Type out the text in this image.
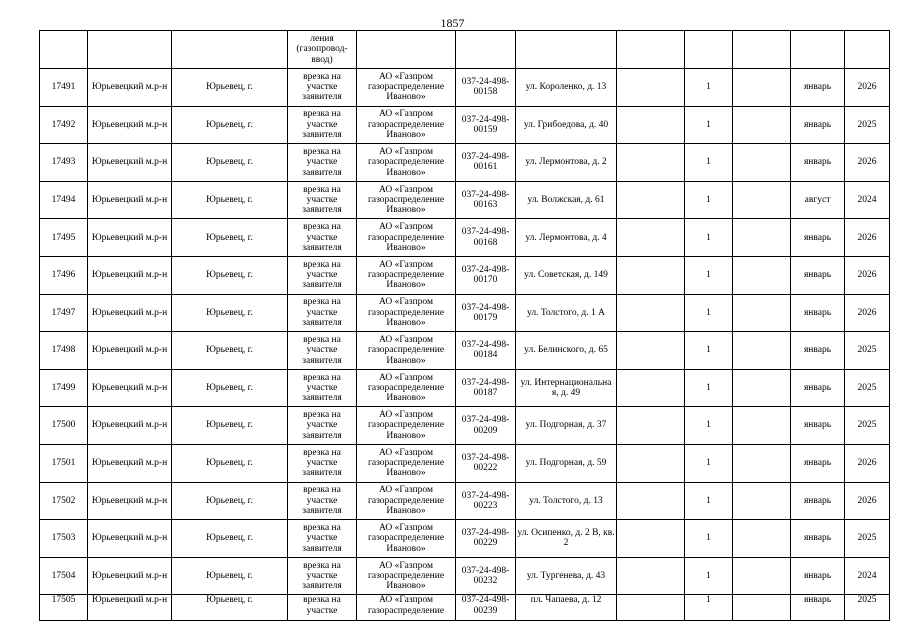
1857

			ления
(газопровод-
ввод)								

17491	Юрьевецкий м.р-н	Юрьевец, г.	врезка на участке заявителя	АО «Газпром газораспределение Иваново»	037-24-498-00158	ул. Короленко, д. 13		1		январь	2026
17492	Юрьевецкий м.р-н	Юрьевец, г.	врезка на участке заявителя	АО «Газпром газораспределение Иваново»	037-24-498-00159	ул. Грибоедова, д. 40		1		январь	2025
17493	Юрьевецкий м.р-н	Юрьевец, г.	врезка на участке заявителя	АО «Газпром газораспределение Иваново»	037-24-498-00161	ул. Лермонтова, д. 2		1		январь	2026
17494	Юрьевецкий м.р-н	Юрьевец, г.	врезка на участке заявителя	АО «Газпром газораспределение Иваново»	037-24-498-00163	ул. Волжская, д. 61		1		август	2024
17495	Юрьевецкий м.р-н	Юрьевец, г.	врезка на участке заявителя	АО «Газпром газораспределение Иваново»	037-24-498-00168	ул. Лермонтова, д. 4		1		январь	2026
17496	Юрьевецкий м.р-н	Юрьевец, г.	врезка на участке заявителя	АО «Газпром газораспределение Иваново»	037-24-498-00170	ул. Советская, д. 149		1		январь	2026
17497	Юрьевецкий м.р-н	Юрьевец, г.	врезка на участке заявителя	АО «Газпром газораспределение Иваново»	037-24-498-00179	ул. Толстого, д. 1 А		1		январь	2026
17498	Юрьевецкий м.р-н	Юрьевец, г.	врезка на участке заявителя	АО «Газпром газораспределение Иваново»	037-24-498-00184	ул. Белинского, д. 65		1		январь	2025
17499	Юрьевецкий м.р-н	Юрьевец, г.	врезка на участке заявителя	АО «Газпром газораспределение Иваново»	037-24-498-00187	ул. Интернациональна я, д. 49		1		январь	2025
17500	Юрьевецкий м.р-н	Юрьевец, г.	врезка на участке заявителя	АО «Газпром газораспределение Иваново»	037-24-498-00209	ул. Подгорная, д. 37		1		январь	2025
17501	Юрьевецкий м.р-н	Юрьевец, г.	врезка на участке заявителя	АО «Газпром газораспределение Иваново»	037-24-498-00222	ул. Подгорная, д. 59		1		январь	2026
17502	Юрьевецкий м.р-н	Юрьевец, г.	врезка на участке заявителя	АО «Газпром газораспределение Иваново»	037-24-498-00223	ул. Толстого, д. 13		1		январь	2026
17503	Юрьевецкий м.р-н	Юрьевец, г.	врезка на участке заявителя	АО «Газпром газораспределение Иваново»	037-24-498-00229	ул. Осипенко, д. 2 В, кв. 2		1		январь	2025
17504	Юрьевецкий м.р-н	Юрьевец, г.	врезка на участке заявителя	АО «Газпром газораспределение Иваново»	037-24-498-00232	ул. Тургенева, д. 43		1		январь	2024
17505	Юрьевецкий м.р-н	Юрьевец, г.	врезка на участке	АО «Газпром газораспределение	037-24-498-00239	пл. Чапаева, д. 12		1		январь	2025
